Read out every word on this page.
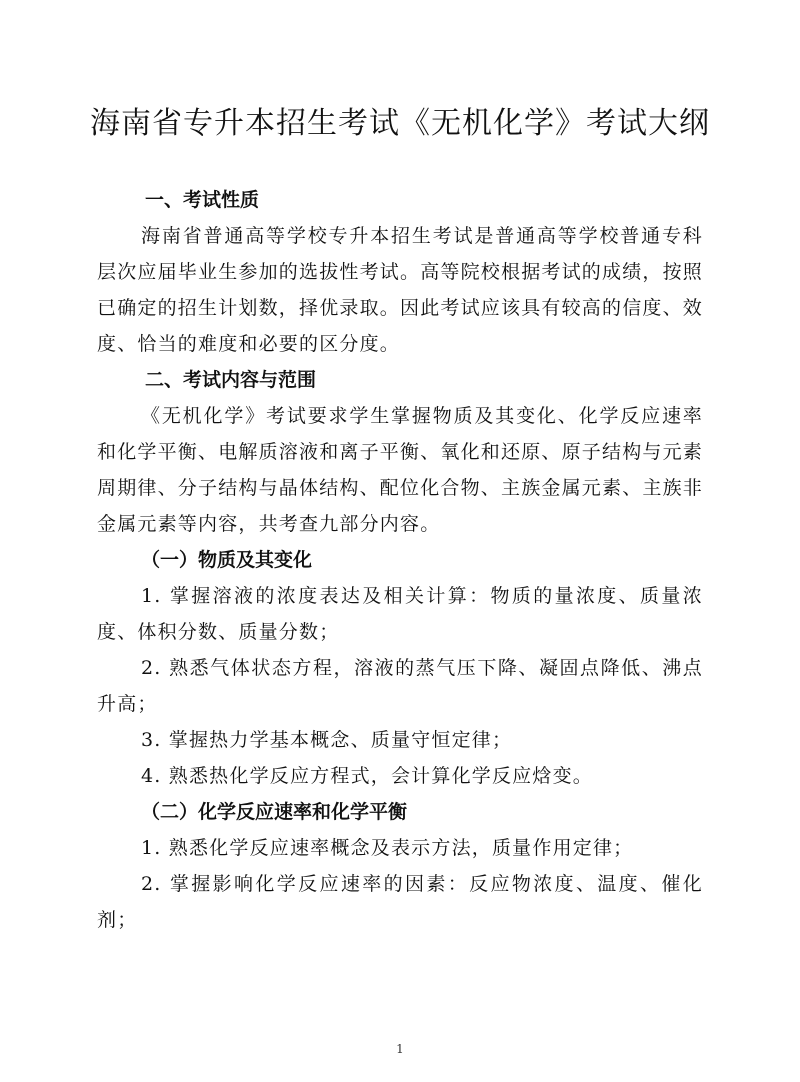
海南省专升本招生考试《无机化学》考试大纲
一、考试性质

海南省普通高等学校专升本招生考试是普通高等学校普通专科层次应届毕业生参加的选拔性考试。高等院校根据考试的成绩，按照已确定的招生计划数，择优录取。因此考试应该具有较高的信度、效度、恰当的难度和必要的区分度。

二、考试内容与范围

《无机化学》考试要求学生掌握物质及其变化、化学反应速率和化学平衡、电解质溶液和离子平衡、氧化和还原、原子结构与元素周期律、分子结构与晶体结构、配位化合物、主族金属元素、主族非金属元素等内容，共考查九部分内容。

（一）物质及其变化

1. 掌握溶液的浓度表达及相关计算：物质的量浓度、质量浓度、体积分数、质量分数；

2. 熟悉气体状态方程，溶液的蒸气压下降、凝固点降低、沸点升高；

3. 掌握热力学基本概念、质量守恒定律；

4. 熟悉热化学反应方程式，会计算化学反应焓变。

（二）化学反应速率和化学平衡

1. 熟悉化学反应速率概念及表示方法，质量作用定律；

2. 掌握影响化学反应速率的因素：反应物浓度、温度、催化剂；

1
